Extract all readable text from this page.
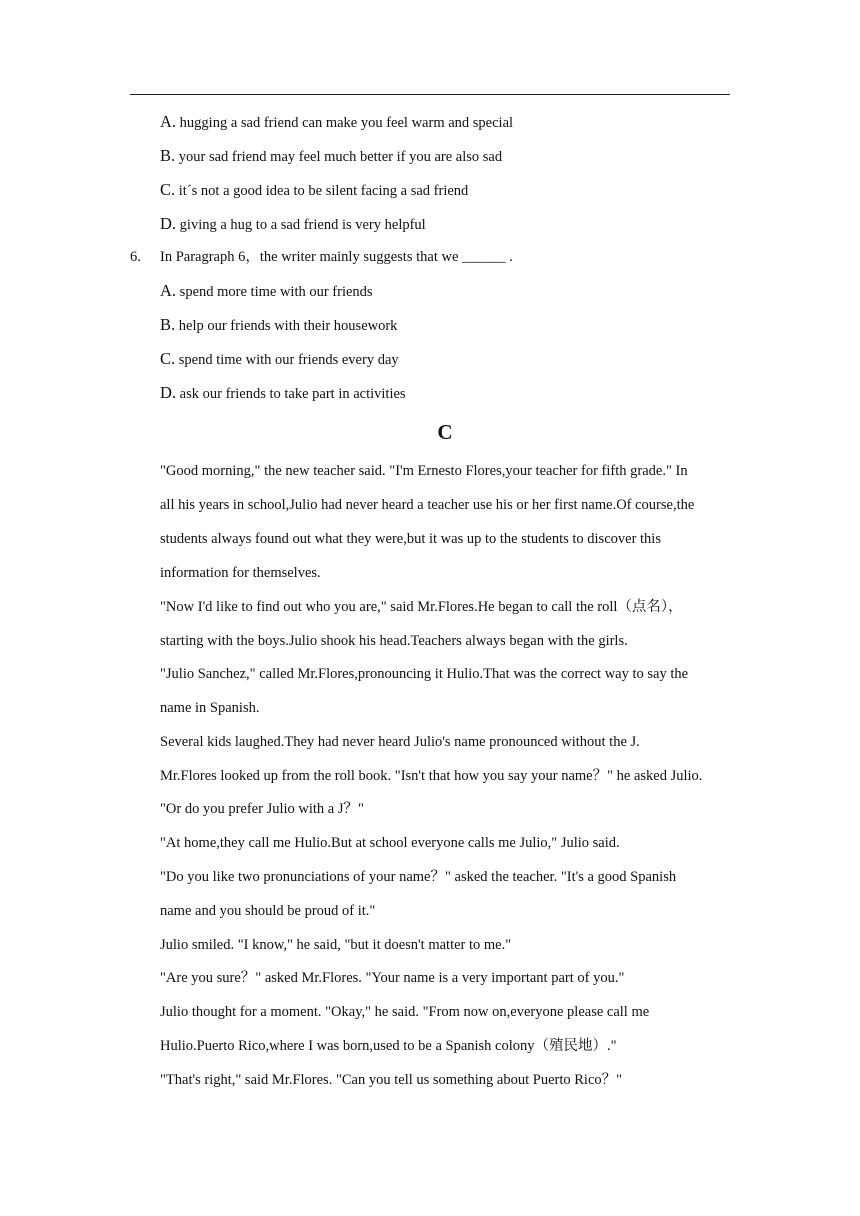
A. hugging a sad friend can make you feel warm and special
B. your sad friend may feel much better if you are also sad
C. itˊs not a good idea to be silent facing a sad friend
D. giving a hug to a sad friend is very helpful
6. In Paragraph 6，the writer mainly suggests that we ______ .
A. spend more time with our friends
B. help our friends with their housework
C. spend time with our friends every day
D. ask our friends to take part in activities
C
"Good morning," the new teacher said. "I'm Ernesto Flores,your teacher for fifth grade." In
all his years in school,Julio had never heard a teacher use his or her first name.Of course,the
students always found out what they were,but it was up to the students to discover this
information for themselves.
"Now I'd like to find out who you are," said Mr.Flores.He began to call the roll（点名），
starting with the boys.Julio shook his head.Teachers always began with the girls.
"Julio Sanchez," called Mr.Flores,pronouncing it Hulio.That was the correct way to say the
name in Spanish.
Several kids laughed.They had never heard Julio's name pronounced without the J.
Mr.Flores looked up from the roll book. "Isn't that how you say your name？" he asked Julio.
"Or do you prefer Julio with a J？"
"At home,they call me Hulio.But at school everyone calls me Julio," Julio said.
"Do you like two pronunciations of your name？" asked the teacher. "It's a good Spanish
name and you should be proud of it."
Julio smiled. "I know," he said, "but it doesn't matter to me."
"Are you sure？" asked Mr.Flores. "Your name is a very important part of you."
Julio thought for a moment. "Okay," he said. "From now on,everyone please call me
Hulio.Puerto Rico,where I was born,used to be a Spanish colony（殖民地）."
"That's right," said Mr.Flores. "Can you tell us something about Puerto Rico？"
